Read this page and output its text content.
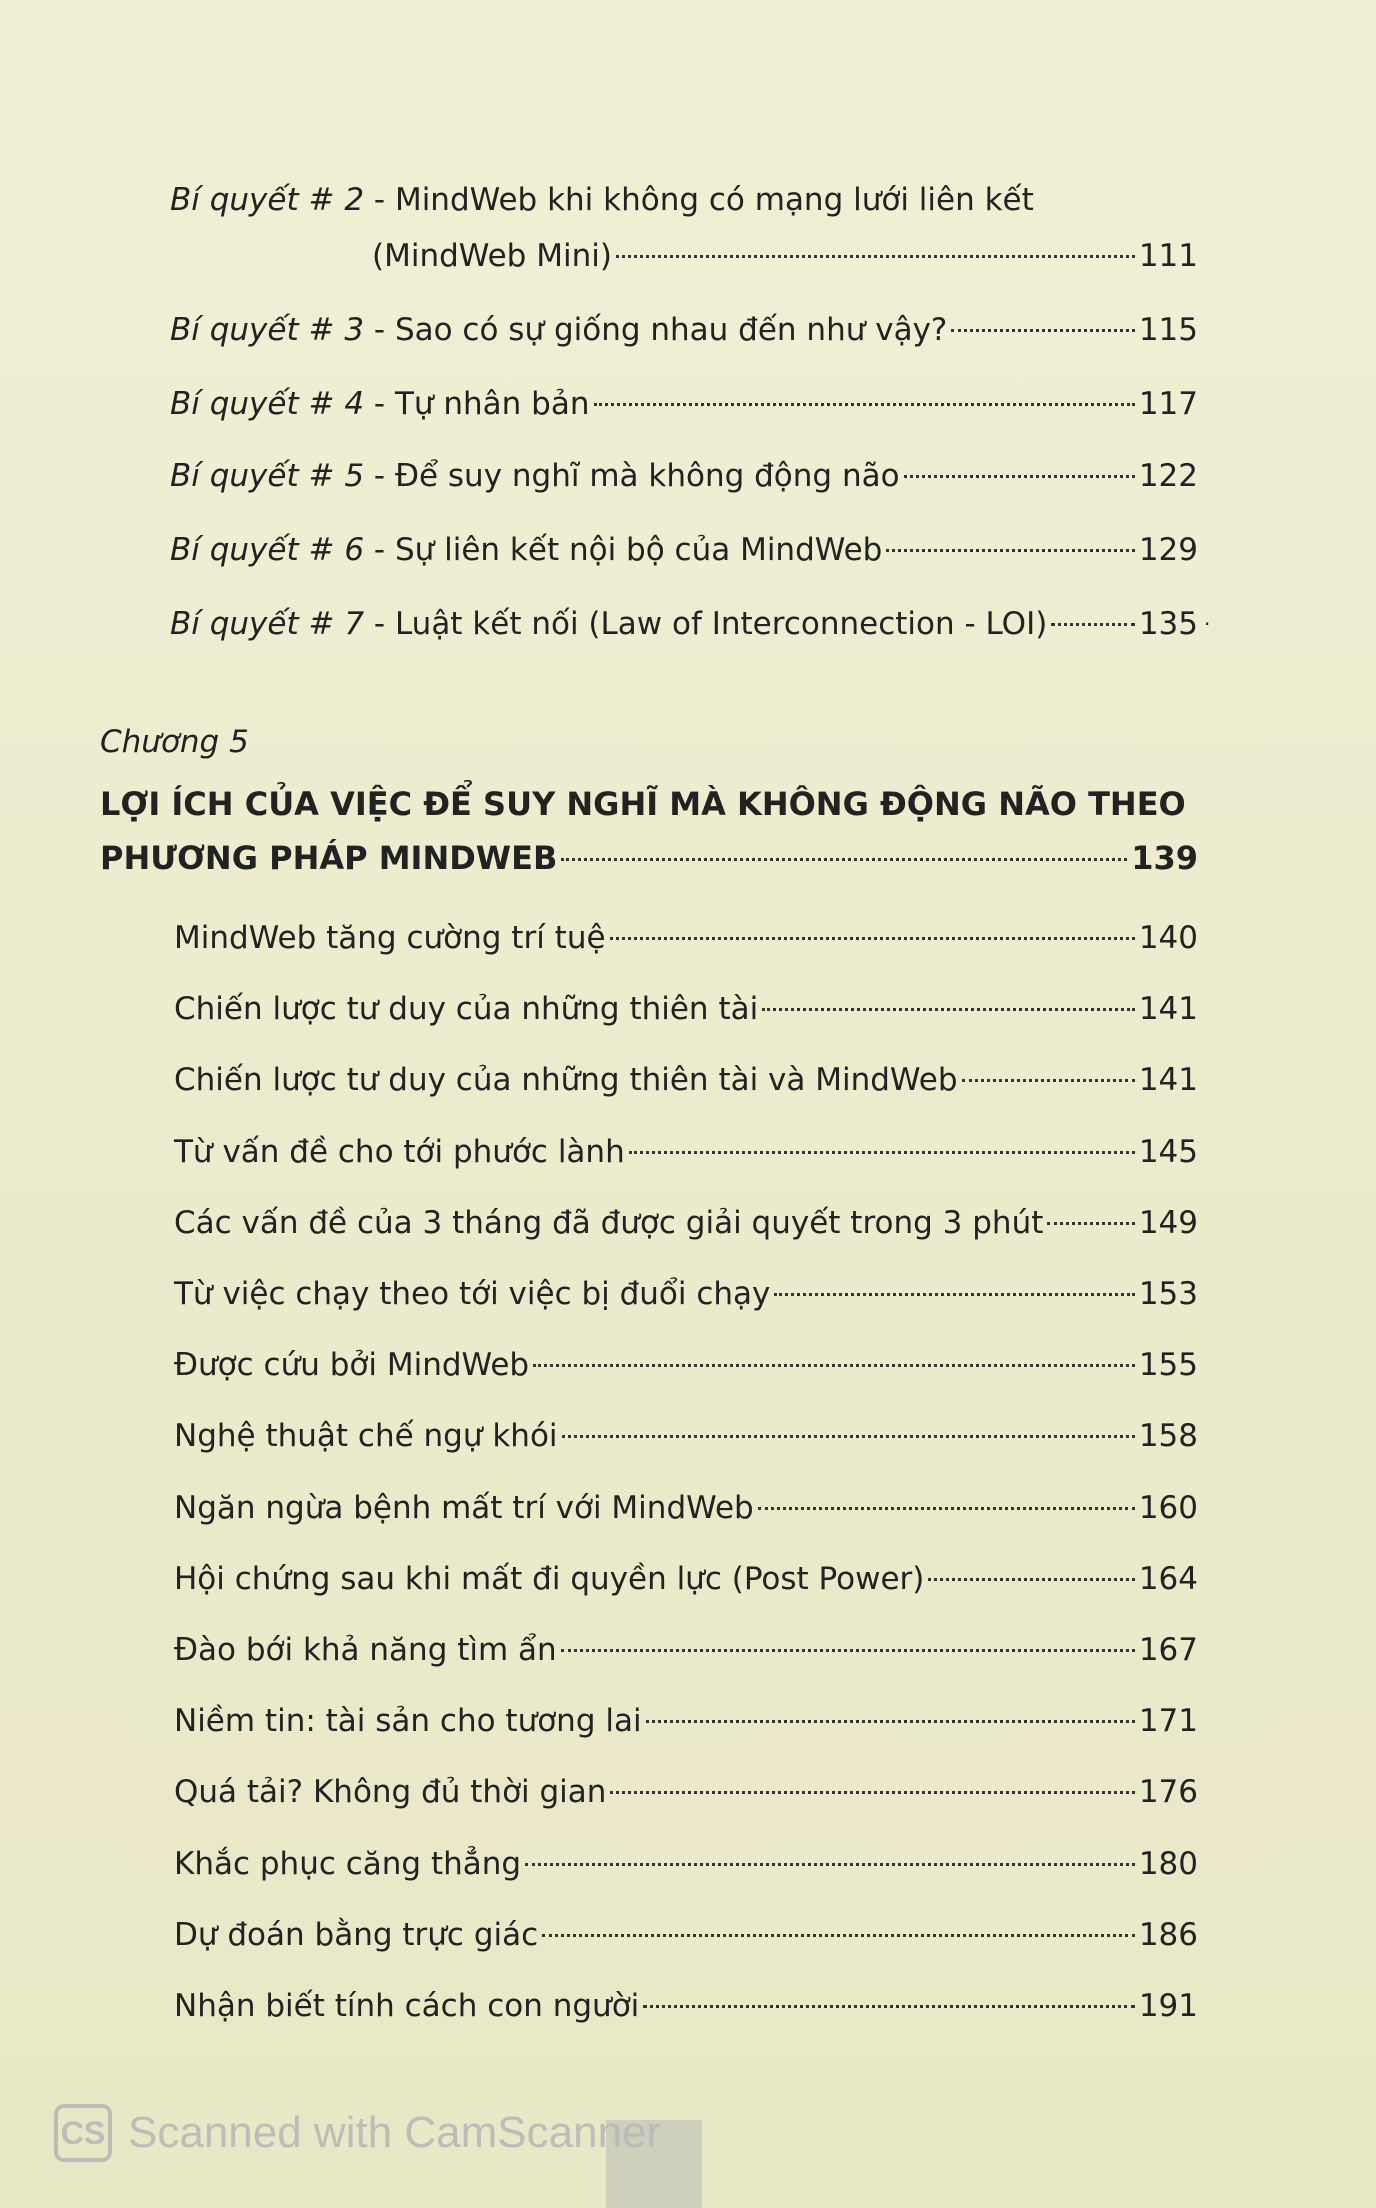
Bí quyết # 2 - MindWeb khi không có mạng lưới liên kết
(MindWeb Mini)	111
Bí quyết # 3 - Sao có sự giống nhau đến như vậy?	115
Bí quyết # 4 - Tự nhân bản	117
Bí quyết # 5 - Để suy nghĩ mà không động não	122
Bí quyết # 6 - Sự liên kết nội bộ của MindWeb	129
Bí quyết # 7 - Luật kết nối (Law of Interconnection - LOI)	135 ·
Chương 5
LỢI ÍCH CỦA VIỆC ĐỂ SUY NGHĨ MÀ KHÔNG ĐỘNG NÃO THEO
PHƯƠNG PHÁP MINDWEB	139
MindWeb tăng cường trí tuệ	140
Chiến lược tư duy của những thiên tài	141
Chiến lược tư duy của những thiên tài và MindWeb	141
Từ vấn đề cho tới phước lành	145
Các vấn đề của 3 tháng đã được giải quyết trong 3 phút	149
Từ việc chạy theo tới việc bị đuổi chạy	153
Được cứu bởi MindWeb	155
Nghệ thuật chế ngự khói	158
Ngăn ngừa bệnh mất trí với MindWeb	160
Hội chứng sau khi mất đi quyền lực (Post Power)	164
Đào bới khả năng tìm ẩn	167
Niềm tin: tài sản cho tương lai	171
Quá tải? Không đủ thời gian	176
Khắc phục căng thẳng	180
Dự đoán bằng trực giác	186
Nhận biết tính cách con người	191
CS Scanned with CamScanner
